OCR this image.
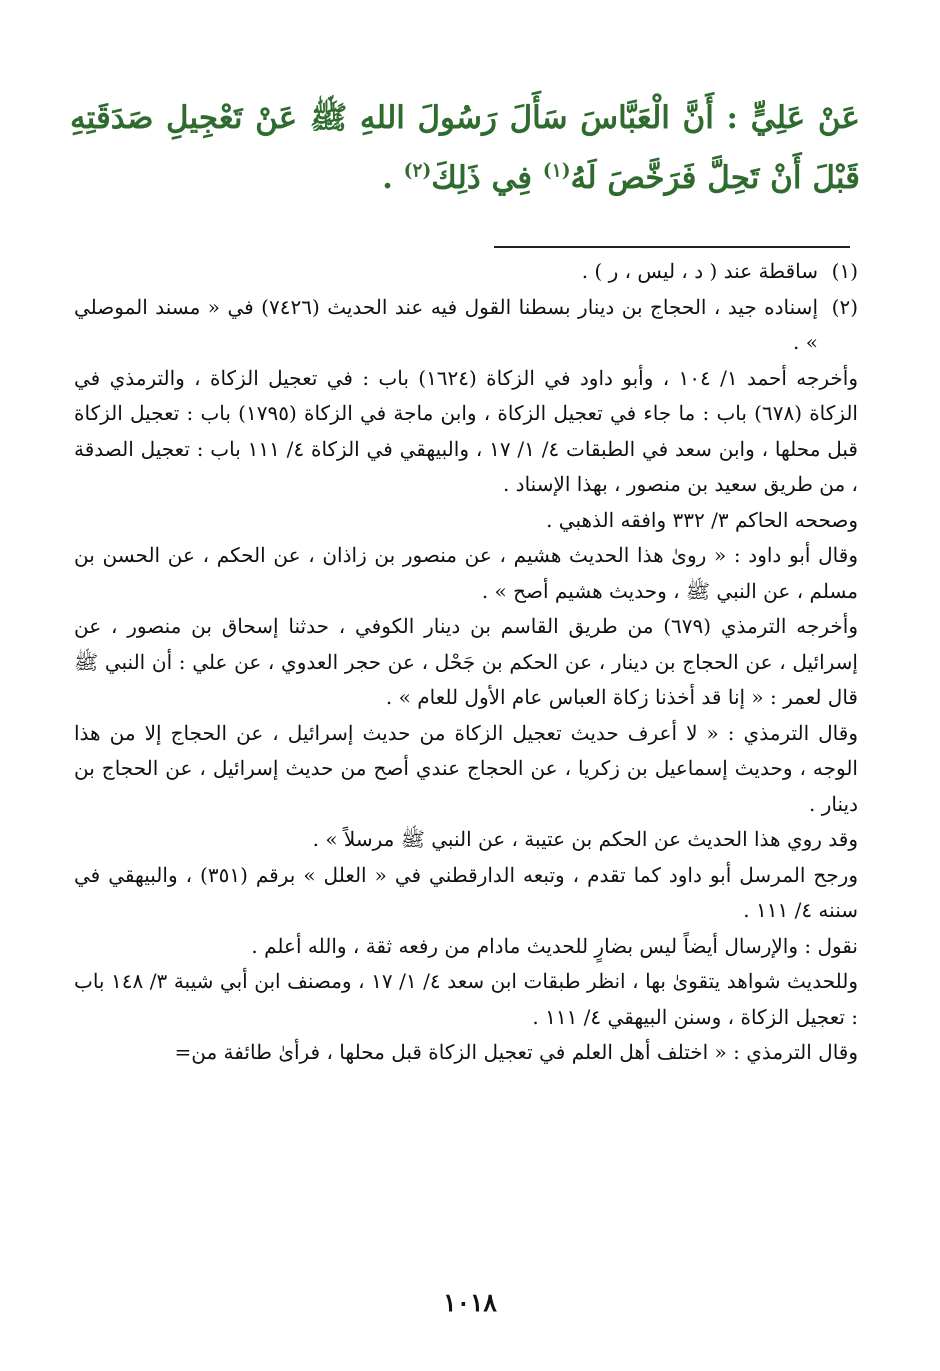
عَنْ عَلِيٍّ : أَنَّ الْعَبَّاسَ سَأَلَ رَسُولَ اللهِ ﷺ عَنْ تَعْجِيلِ صَدَقَتِهِ قَبْلَ أَنْ تَحِلَّ فَرَخَّصَ لَهُ$^{(١)}$ فِي ذَلِكَ$^{(٢)}$ .
(١)

ساقطة عند ( د ، ليس ، ر ) .

(٢)

إسناده جيد ، الحجاج بن دينار بسطنا القول فيه عند الحديث (٧٤٢٦) في « مسند الموصلي » .

وأخرجه أحمد ١/ ١٠٤ ، وأبو داود في الزكاة (١٦٢٤) باب : في تعجيل الزكاة ، والترمذي في الزكاة (٦٧٨) باب : ما جاء في تعجيل الزكاة ، وابن ماجة في الزكاة (١٧٩٥) باب : تعجيل الزكاة قبل محلها ، وابن سعد في الطبقات ٤/ ١/ ١٧ ، والبيهقي في الزكاة ٤/ ١١١ باب : تعجيل الصدقة ، من طريق سعيد بن منصور ، بهذا الإسناد .

وصححه الحاكم ٣/ ٣٣٢ وافقه الذهبي .

وقال أبو داود : « رویٰ هذا الحديث هشيم ، عن منصور بن زاذان ، عن الحكم ، عن الحسن بن مسلم ، عن النبي ﷺ ، وحديث هشيم أصح » .

وأخرجه الترمذي (٦٧٩) من طريق القاسم بن دينار الكوفي ، حدثنا إسحاق بن منصور ، عن إسرائيل ، عن الحجاج بن دينار ، عن الحكم بن جَحْل ، عن حجر العدوي ، عن علي : أن النبي ﷺ قال لعمر : « إنا قد أخذنا زكاة العباس عام الأول للعام » .

وقال الترمذي : « لا أعرف حديث تعجيل الزكاة من حديث إسرائيل ، عن الحجاج إلا من هذا الوجه ، وحديث إسماعيل بن زكريا ، عن الحجاج عندي أصح من حديث إسرائيل ، عن الحجاج بن دينار .

وقد روي هذا الحديث عن الحكم بن عتيبة ، عن النبي ﷺ مرسلاً » .

ورجح المرسل أبو داود كما تقدم ، وتبعه الدارقطني في « العلل » برقم (٣٥١) ، والبيهقي في سننه ٤/ ١١١ .

نقول : والإرسال أيضاً ليس بضارٍ للحديث مادام من رفعه ثقة ، والله أعلم .

وللحديث شواهد يتقوىٰ بها ، انظر طبقات ابن سعد ٤/ ١/ ١٧ ، ومصنف ابن أبي شيبة ٣/ ١٤٨ باب : تعجيل الزكاة ، وسنن البيهقي ٤/ ١١١ .

وقال الترمذي : « اختلف أهل العلم في تعجيل الزكاة قبل محلها ، فرأىٰ طائفة من=

١٠١٨
